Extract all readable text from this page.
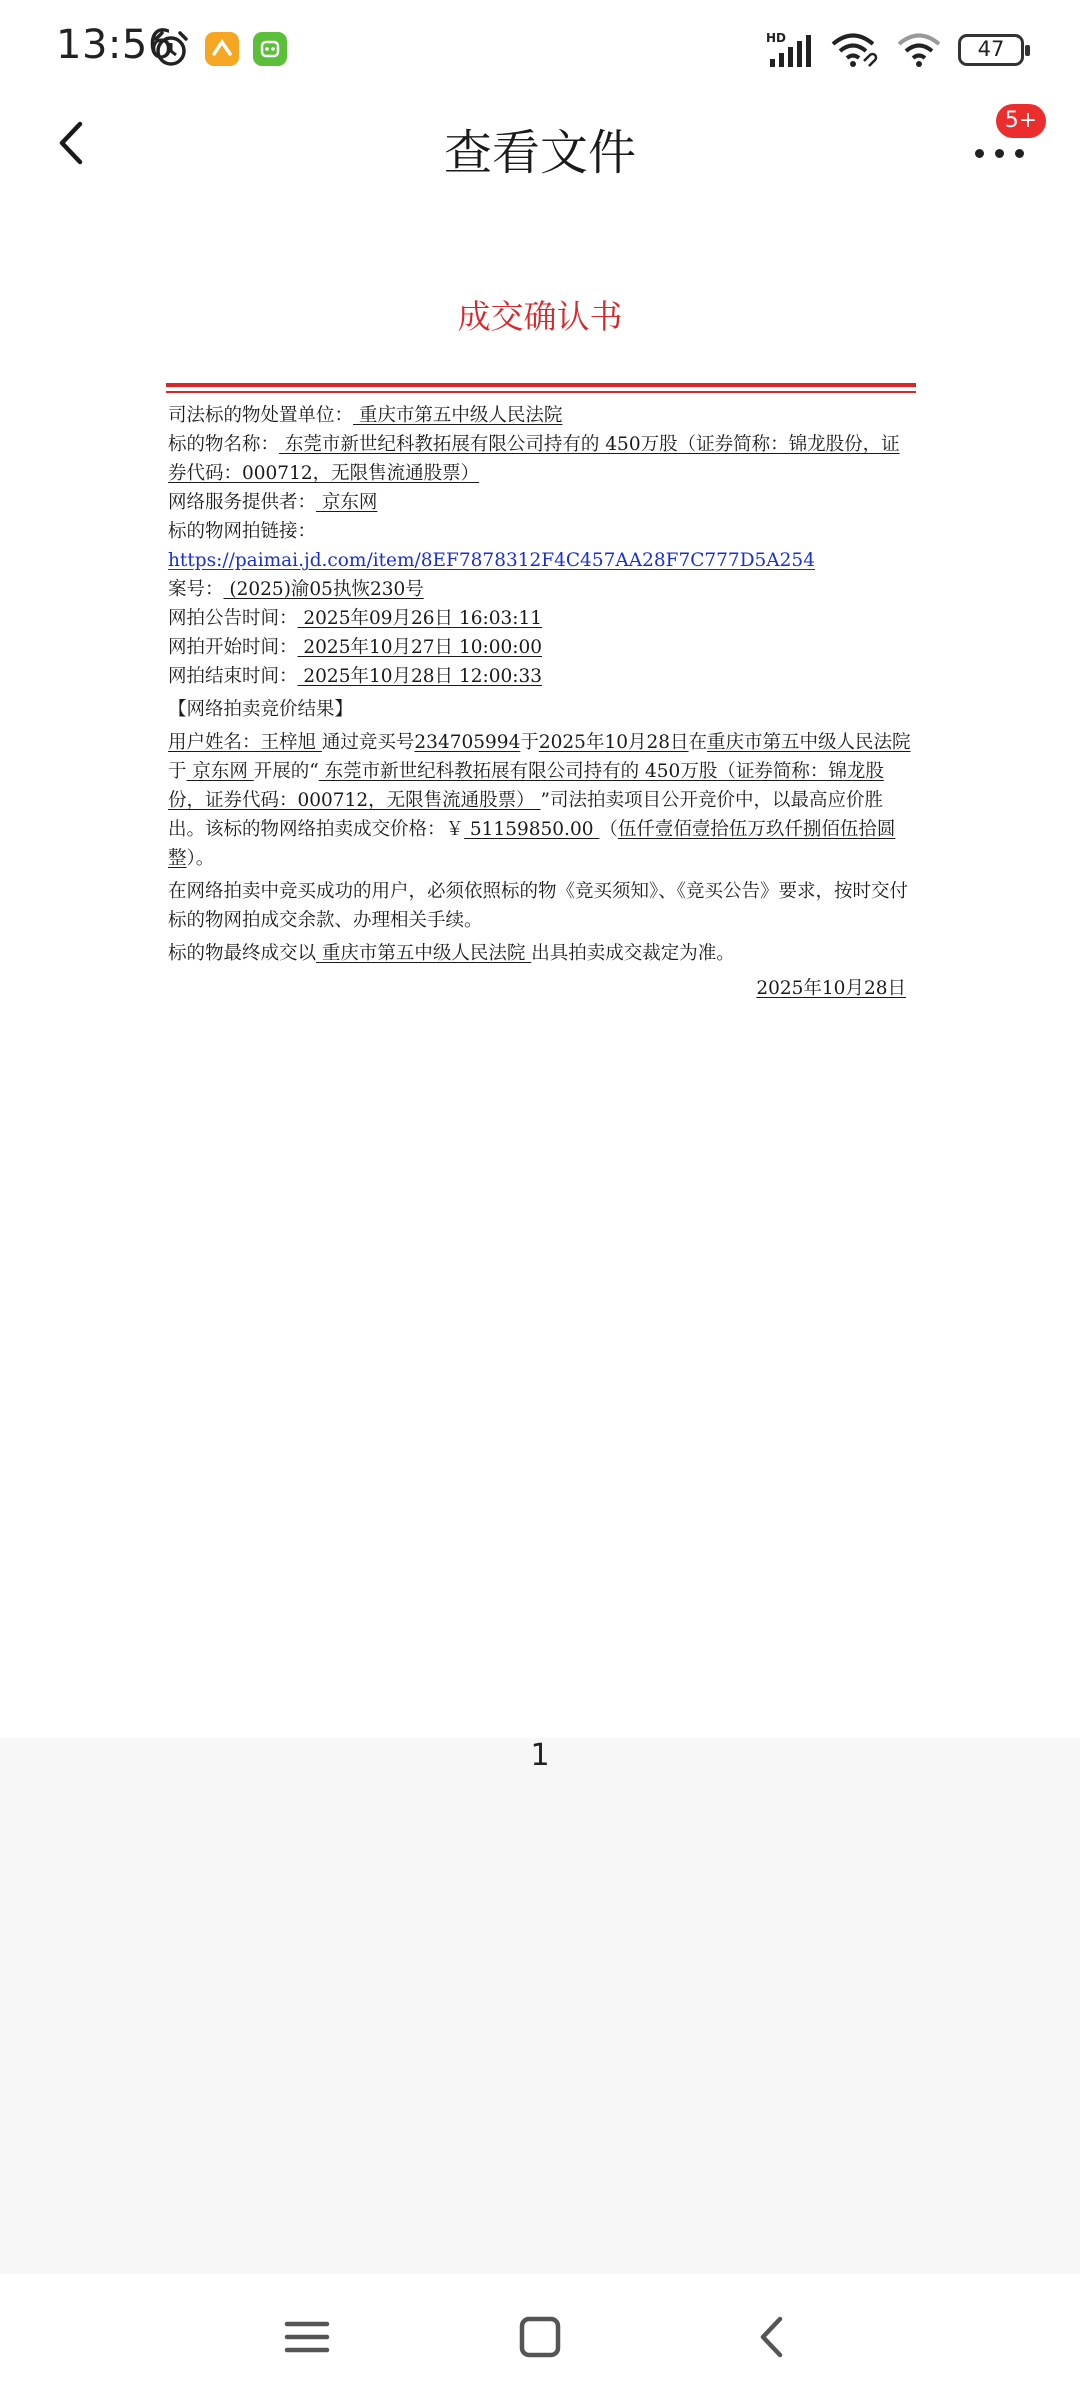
13:56	HD	47
查看文件
5+
成交确认书

司法标的物处置单位： 重庆市第五中级人民法院

标的物名称： 东莞市新世纪科教拓展有限公司持有的 450万股（证券简称：锦龙股份，证券代码：000712，无限售流通股票）

网络服务提供者： 京东网

标的物网拍链接： https://paimai.jd.com/item/8EF7878312F4C457AA28F7C777D5A254

案号： (2025)渝05执恢230号

网拍公告时间： 2025年09月26日 16:03:11

网拍开始时间： 2025年10月27日 10:00:00

网拍结束时间： 2025年10月28日 12:00:33

【网络拍卖竞价结果】

用户姓名：王梓旭 通过竞买号234705994于2025年10月28日在重庆市第五中级人民法院于 京东网 开展的“ 东莞市新世纪科教拓展有限公司持有的 450万股（证券简称：锦龙股份，证券代码：000712，无限售流通股票） ”司法拍卖项目公开竞价中，以最高应价胜出。该标的物网络拍卖成交价格：￥ 51159850.00 （伍仟壹佰壹拾伍万玖仟捌佰伍拾圆整）。

在网络拍卖中竞买成功的用户，必须依照标的物《竞买须知》、《竞买公告》要求，按时交付标的物网拍成交余款、办理相关手续。

标的物最终成交以 重庆市第五中级人民法院 出具拍卖成交裁定为准。

2025年10月28日

1
